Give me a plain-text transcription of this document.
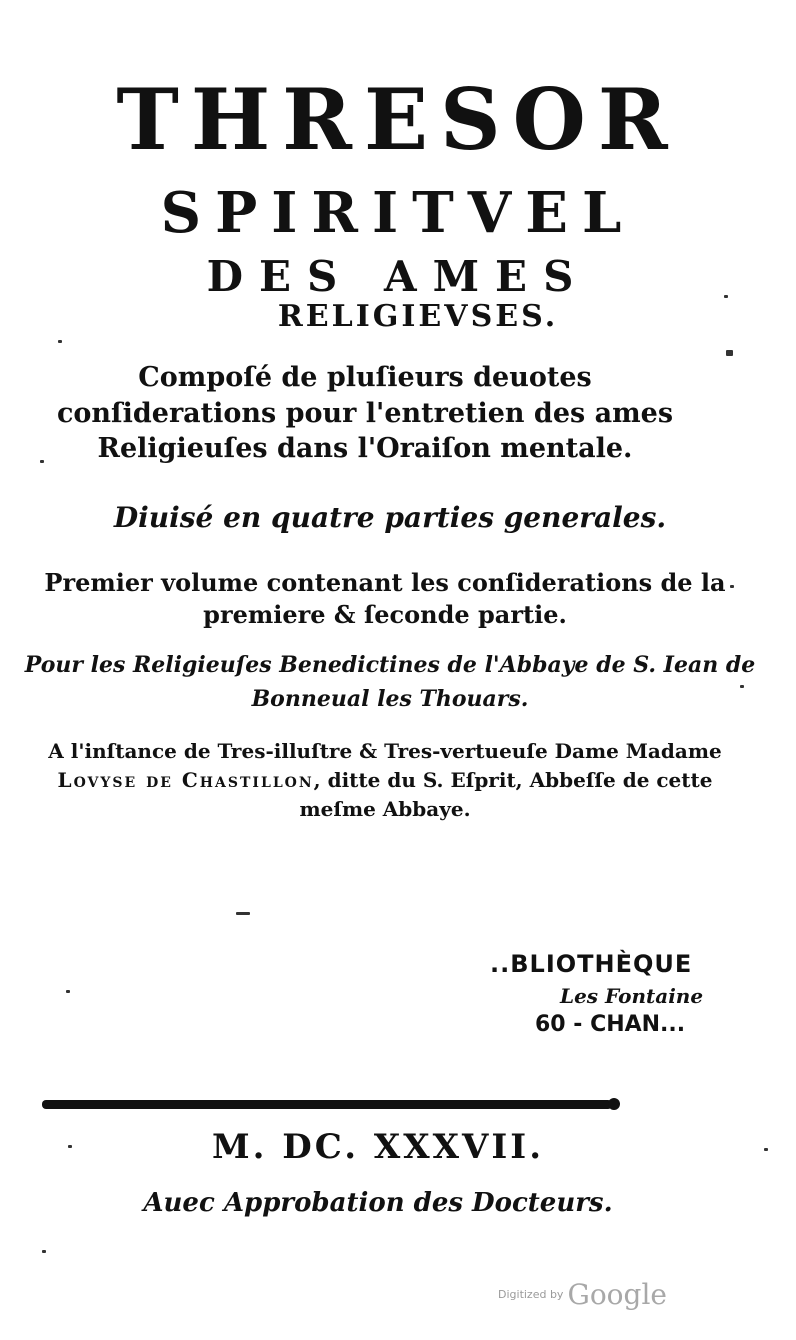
THRESOR
SPIRITVEL
DES AMES
RELIGIEVSES.
Compoſé de pluſieurs deuotes conſiderations pour l'entretien des ames Religieuſes dans l'Oraiſon mentale.
Diuisé en quatre parties generales.
Premier volume contenant les conſiderations de la premiere & ſeconde partie.
Pour les Religieuſes Benedictines de l'Abbaye de S. Iean de Bonneual les Thouars.
A l'inſtance de Tres-illuſtre & Tres-vertueuſe Dame Madame Lovyse de Chastillon, ditte du S. Eſprit, Abbeſſe de cette meſme Abbaye.
..BLIOTHÈQUE
Les Fontaine
60 - CHAN...
M. DC. XXXVII.
Auec Approbation des Docteurs.
Digitized by Google
